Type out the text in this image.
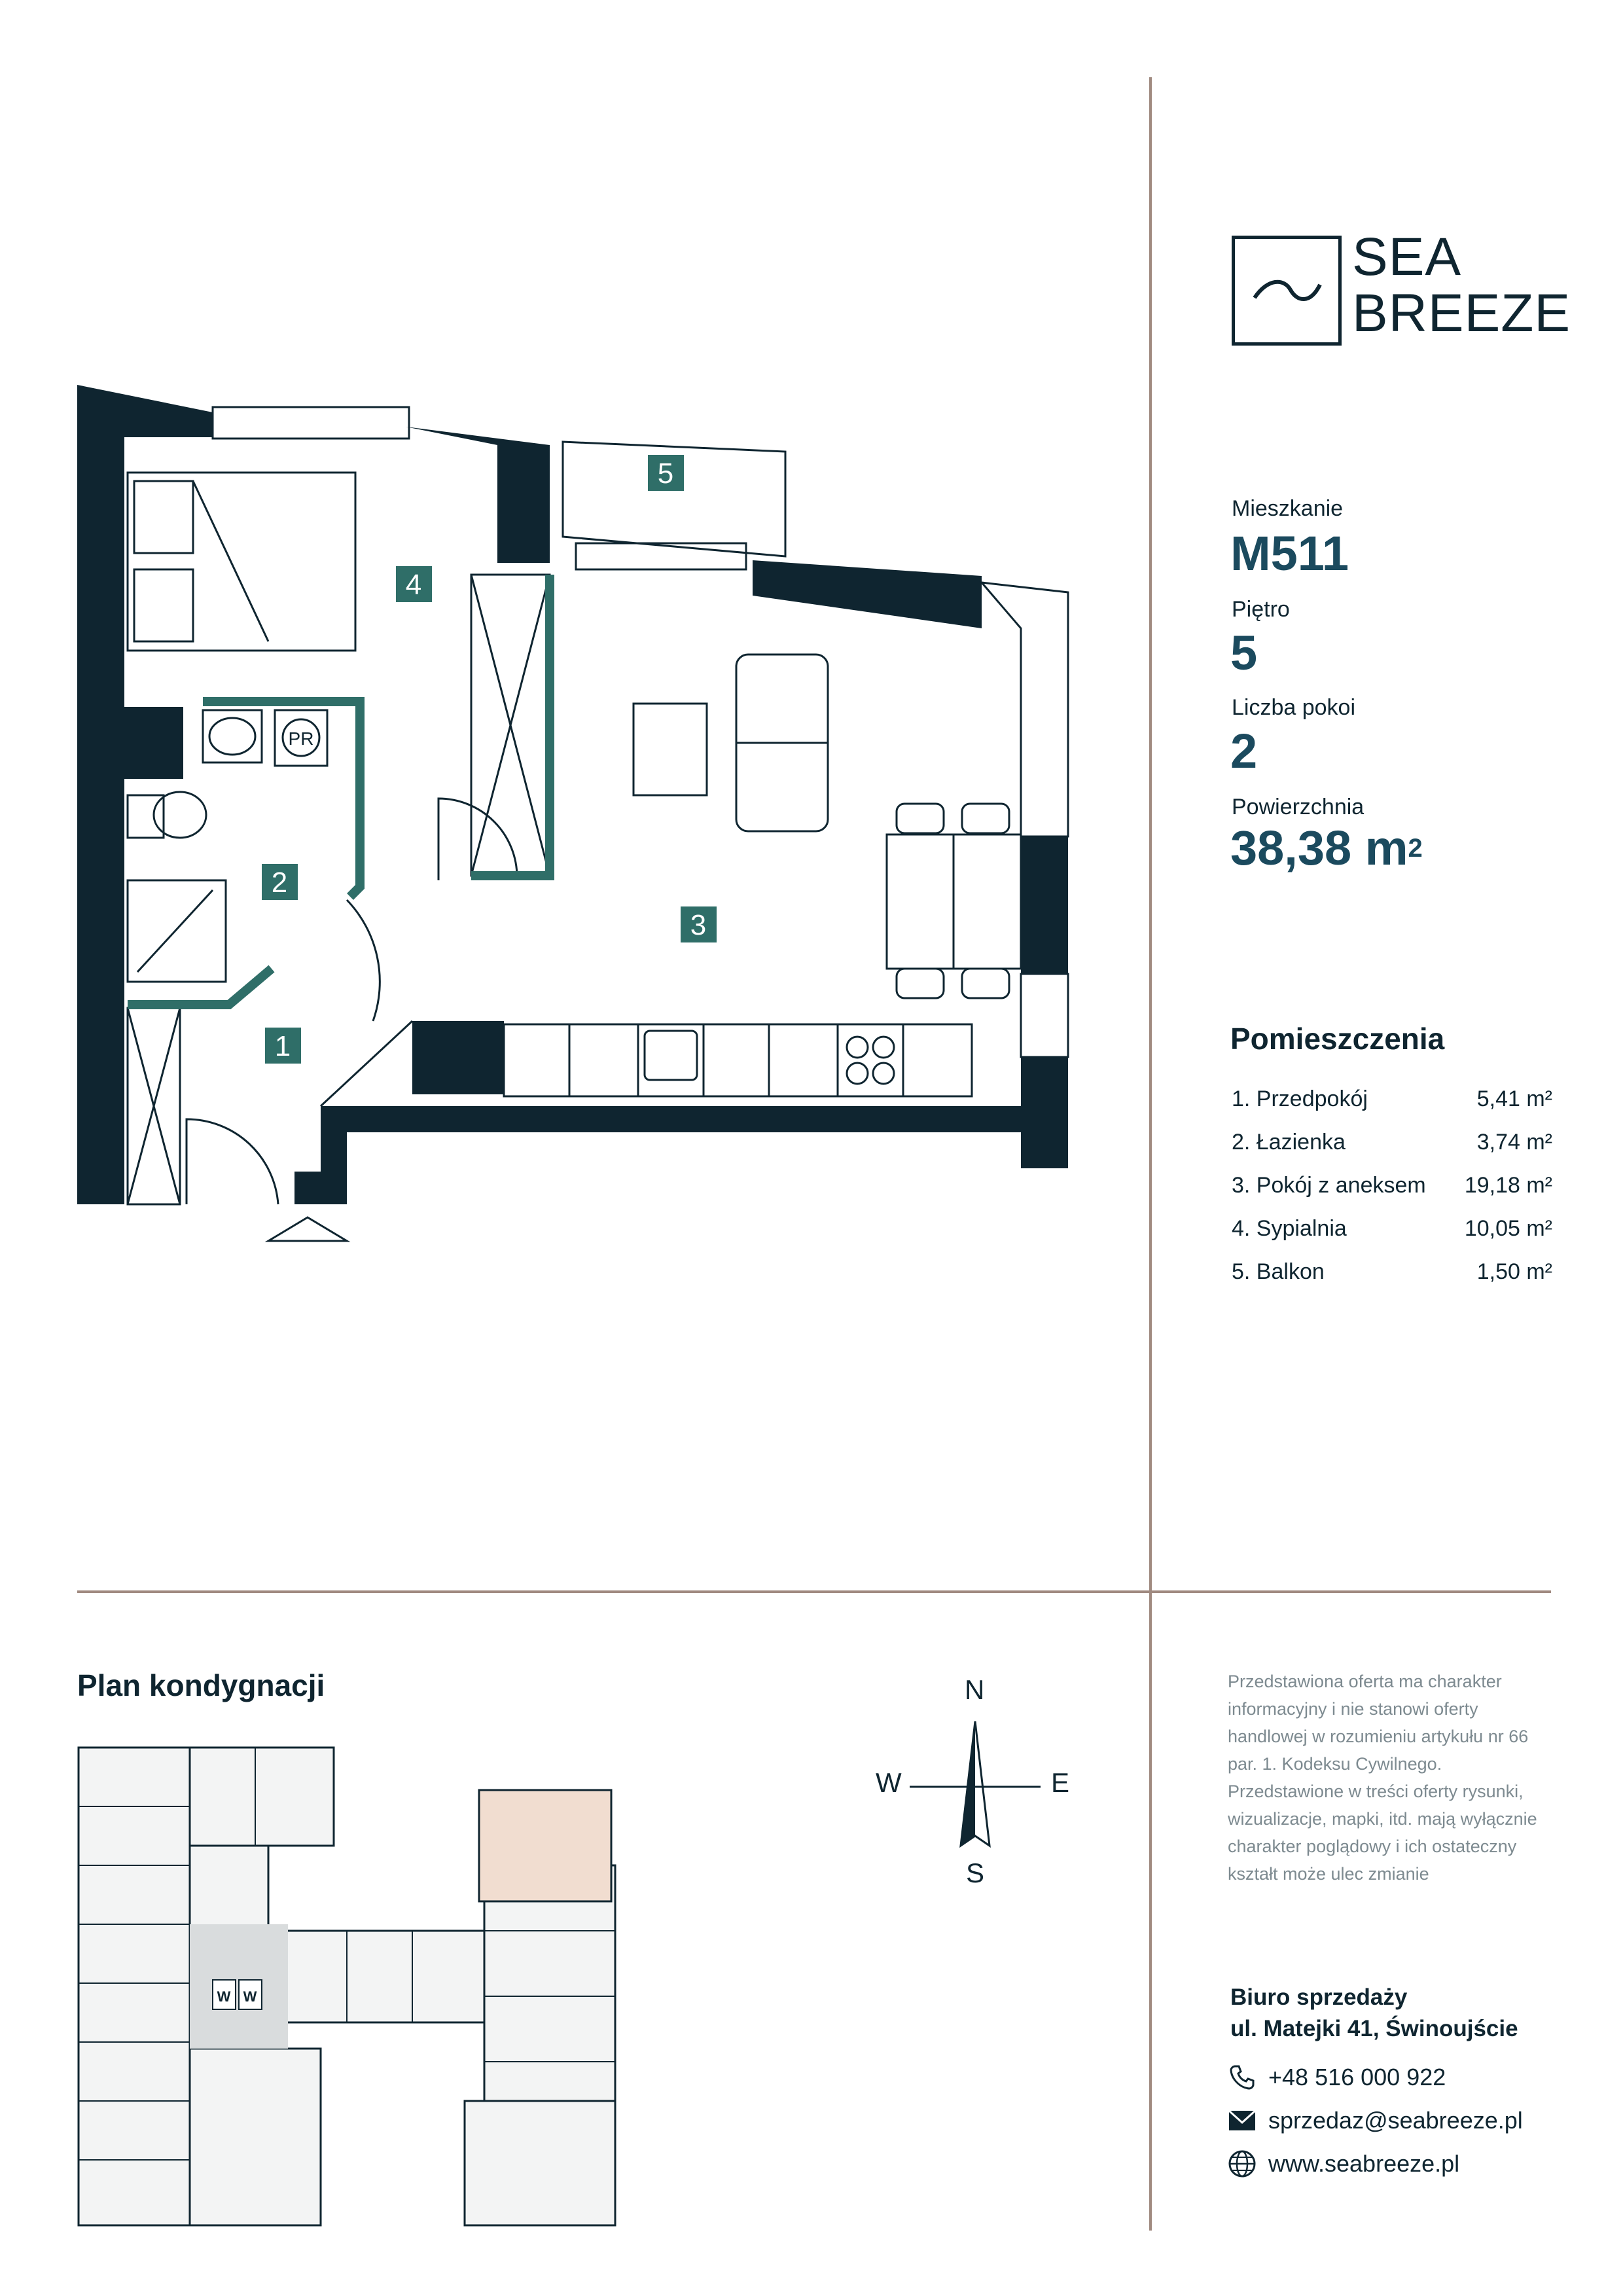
SEA
BREEZE
Mieszkanie
M511
Piętro
5
Liczba pokoi
2
Powierzchnia
38,38 $m^2$
Pomieszczenia
1. Przedpokój	5,41 m²
2. Łazienka	3,74 m²
3. Pokój z aneksem 19,18 m²
4. Sypialnia	10,05 m²
5. Balkon	1,50 m²
1
2
3
4
5
PR
Plan kondygnacji
W W
N
S
W	E
Przedstawiona oferta ma charakter informacyjny i nie stanowi oferty handlowej w rozumieniu artykułu nr 66 par. 1. Kodeksu Cywilnego. Przedstawione w treści oferty rysunki, wizualizacje, mapki, itd. mają wyłącznie charakter poglądowy i ich ostateczny kształt może ulec zmianie
Biuro sprzedaży
ul. Matejki 41, Świnoujście
+48 516 000 922
sprzedaz@seabreeze.pl
www.seabreeze.pl
